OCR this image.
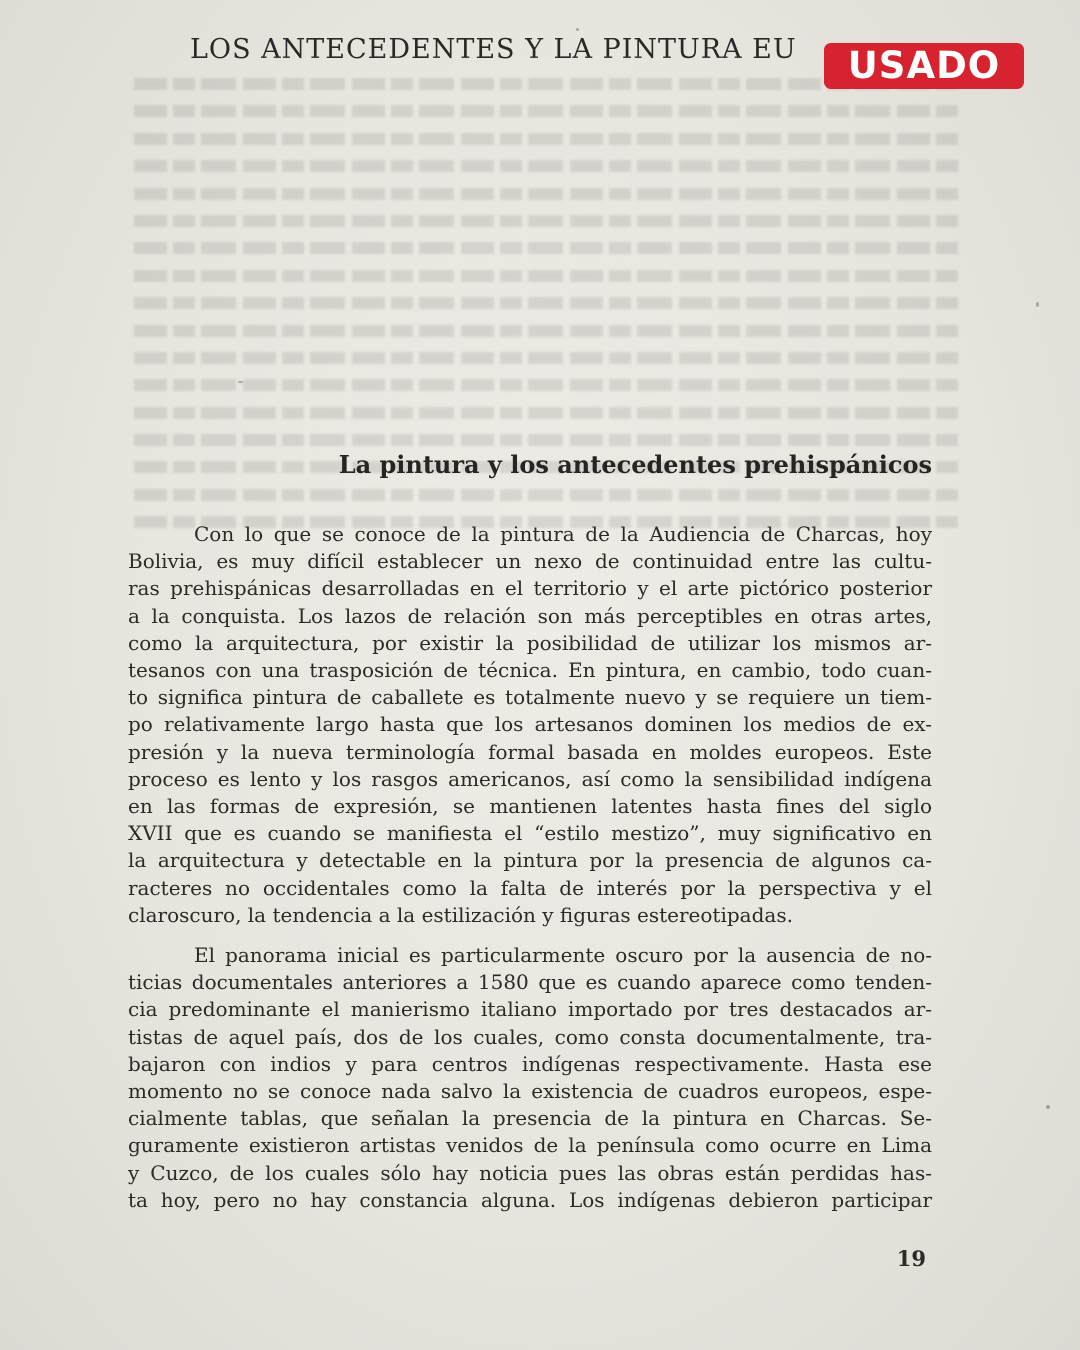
LOS ANTECEDENTES Y LA PINTURA EU	USADO
La pintura y los antecedentes prehispánicos

Con lo que se conoce de la pintura de la Audiencia de Charcas, hoy

Bolivia, es muy difícil establecer un nexo de continuidad entre las cultu-

ras prehispánicas desarrolladas en el territorio y el arte pictórico posterior

a la conquista. Los lazos de relación son más perceptibles en otras artes,

como la arquitectura, por existir la posibilidad de utilizar los mismos ar-

tesanos con una trasposición de técnica. En pintura, en cambio, todo cuan-

to significa pintura de caballete es totalmente nuevo y se requiere un tiem-

po relativamente largo hasta que los artesanos dominen los medios de ex-

presión y la nueva terminología formal basada en moldes europeos. Este

proceso es lento y los rasgos americanos, así como la sensibilidad indígena

en las formas de expresión, se mantienen latentes hasta fines del siglo

XVII que es cuando se manifiesta el “estilo mestizo”, muy significativo en

la arquitectura y detectable en la pintura por la presencia de algunos ca-

racteres no occidentales como la falta de interés por la perspectiva y el

claroscuro, la tendencia a la estilización y figuras estereotipadas.

El panorama inicial es particularmente oscuro por la ausencia de no-

ticias documentales anteriores a 1580 que es cuando aparece como tenden-

cia predominante el manierismo italiano importado por tres destacados ar-

tistas de aquel país, dos de los cuales, como consta documentalmente, tra-

bajaron con indios y para centros indígenas respectivamente. Hasta ese

momento no se conoce nada salvo la existencia de cuadros europeos, espe-

cialmente tablas, que señalan la presencia de la pintura en Charcas. Se-

guramente existieron artistas venidos de la península como ocurre en Lima

y Cuzco, de los cuales sólo hay noticia pues las obras están perdidas has-

ta hoy, pero no hay constancia alguna. Los indígenas debieron participar

19
